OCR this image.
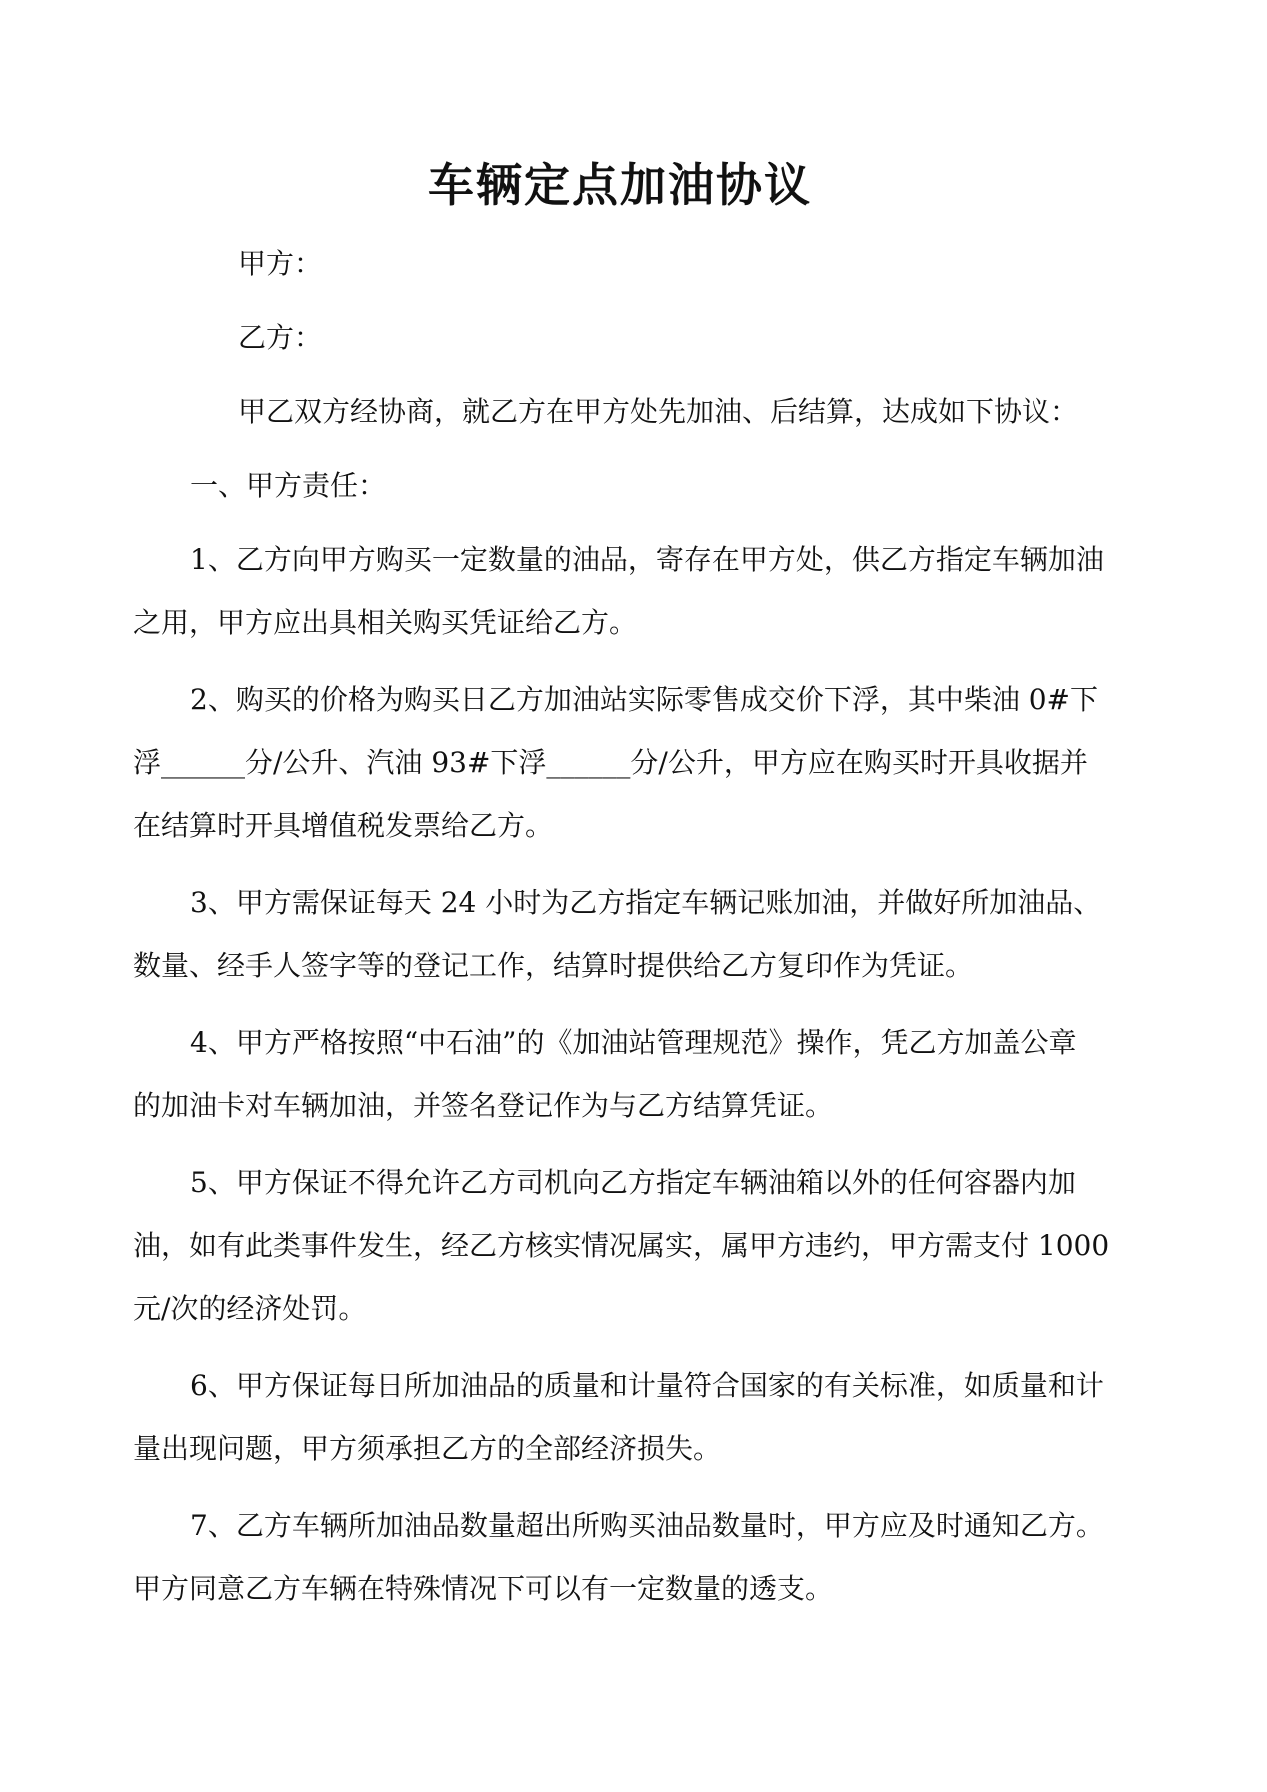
车辆定点加油协议
甲方：
乙方：
甲乙双方经协商，就乙方在甲方处先加油、后结算，达成如下协议：
一、甲方责任：
1、乙方向甲方购买一定数量的油品，寄存在甲方处，供乙方指定车辆加油
之用，甲方应出具相关购买凭证给乙方。
2、购买的价格为购买日乙方加油站实际零售成交价下浮，其中柴油 0#下
浮______分/公升、汽油 93#下浮______分/公升，甲方应在购买时开具收据并
在结算时开具增值税发票给乙方。
3、甲方需保证每天 24 小时为乙方指定车辆记账加油，并做好所加油品、
数量、经手人签字等的登记工作，结算时提供给乙方复印作为凭证。
4、甲方严格按照“中石油”的《加油站管理规范》操作，凭乙方加盖公章
的加油卡对车辆加油，并签名登记作为与乙方结算凭证。
5、甲方保证不得允许乙方司机向乙方指定车辆油箱以外的任何容器内加
油，如有此类事件发生，经乙方核实情况属实，属甲方违约，甲方需支付 1000
元/次的经济处罚。
6、甲方保证每日所加油品的质量和计量符合国家的有关标准，如质量和计
量出现问题，甲方须承担乙方的全部经济损失。
7、乙方车辆所加油品数量超出所购买油品数量时，甲方应及时通知乙方。
甲方同意乙方车辆在特殊情况下可以有一定数量的透支。
